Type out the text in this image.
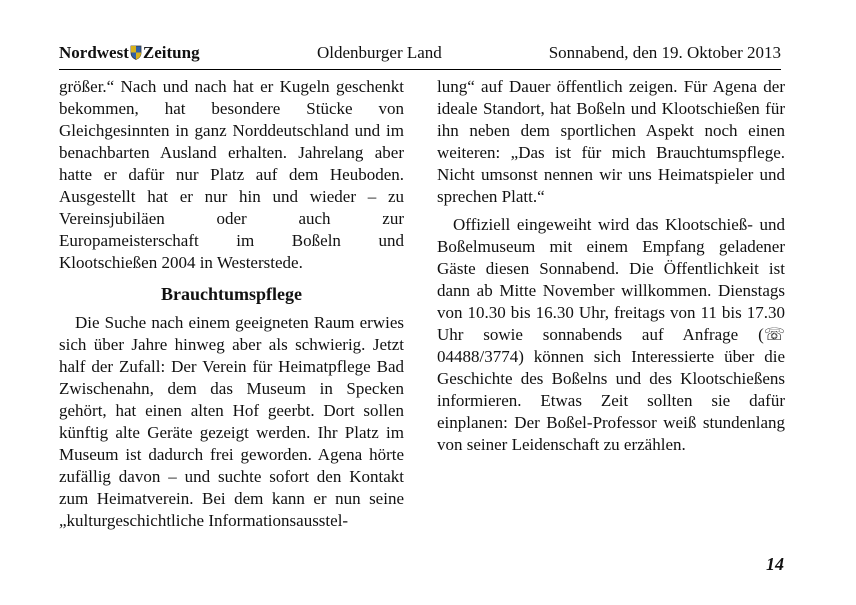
Nordwest Zeitung	Oldenburger Land	Sonnabend, den 19. Oktober 2013

größer.“ Nach und nach hat er Kugeln geschenkt bekommen, hat besondere Stücke von Gleichgesinnten in ganz Norddeutschland und im benachbarten Ausland erhalten. Jahrelang aber hatte er dafür nur Platz auf dem Heuboden. Ausgestellt hat er nur hin und wieder – zu Vereinsjubiläen oder auch zur Europameisterschaft im Boßeln und Klootschießen 2004 in Westerstede.

Brauchtumspflege

Die Suche nach einem geeigneten Raum erwies sich über Jahre hinweg aber als schwierig. Jetzt half der Zufall: Der Verein für Heimatpflege Bad Zwischenahn, dem das Museum in Specken gehört, hat einen alten Hof geerbt. Dort sollen künftig alte Geräte gezeigt werden. Ihr Platz im Museum ist dadurch frei geworden. Agena hörte zufällig davon – und suchte sofort den Kontakt zum Heimatverein. Bei dem kann er nun seine „kulturgeschichtliche Informationsausstel-

lung“ auf Dauer öffentlich zeigen. Für Agena der ideale Standort, hat Boßeln und Klootschießen für ihn neben dem sportlichen Aspekt noch einen weiteren: „Das ist für mich Brauchtumspflege. Nicht umsonst nennen wir uns Heimatspieler und sprechen Platt.“

Offiziell eingeweiht wird das Klootschieß- und Boßelmuseum mit einem Empfang geladener Gäste diesen Sonnabend. Die Öffentlichkeit ist dann ab Mitte November willkommen. Dienstags von 10.30 bis 16.30 Uhr, freitags von 11 bis 17.30 Uhr sowie sonnabends auf Anfrage (☏ 04488/3774) können sich Interessierte über die Geschichte des Boßelns und des Klootschießens informieren. Etwas Zeit sollten sie dafür einplanen: Der Boßel-Professor weiß stundenlang von seiner Leidenschaft zu erzählen.

14
